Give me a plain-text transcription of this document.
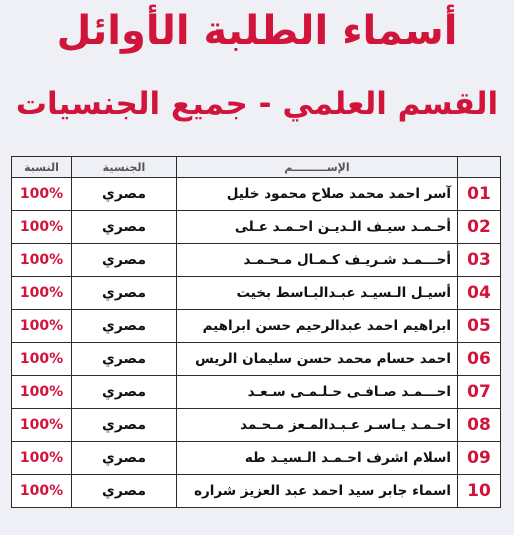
أسماء الطلبة الأوائل
القسم العلمي - جميع الجنسيات
النسبة	الجنسية	الإســـــــــم	
100%	مصري	آسر احمد محمد صلاح محمود خليل	01
100%	مصري	أحـمـد سيـف الـديـن احـمـد عـلى	02
100%	مصري	أحـــمـد شـريـف كـمـال مـحـمـد	03
100%	مصري	أسيـل الـسيـد عبـدالبـاسط بخيت	04
100%	مصري	ابراهيم احمد عبدالرحيم حسن ابراهيم	05
100%	مصري	احمد حسام محمد حسن سليمان الريس	06
100%	مصري	احـــمـد صـافـى حـلـمـى سـعـد	07
100%	مصري	احـمـد يـاسـر عـبـدالمـعز مـحـمد	08
100%	مصري	اسلام اشرف احـمـد الـسيـد طه	09
100%	مصري	اسماء جابر سيد احمد عبد العزيز شراره	10
